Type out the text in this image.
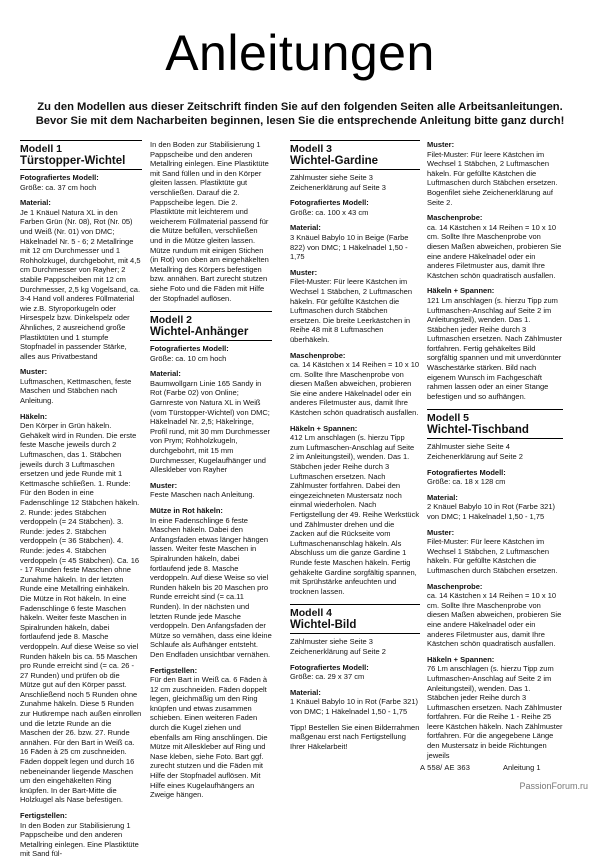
Anleitungen
Zu den Modellen aus dieser Zeitschrift finden Sie auf den folgenden Seiten alle Arbeitsanleitungen. Bevor Sie mit dem Nacharbeiten beginnen, lesen Sie die entsprechende Anleitung bitte ganz durch!
Modell 1
Türstopper-Wichtel

Fotografiertes Modell:
Größe: ca. 37 cm hoch

Material:
Je 1 Knäuel Natura XL in den Farben Grün (Nr. 08), Rot (Nr. 05) und Weiß (Nr. 01) von DMC; Häkelnadel Nr. 5 - 6; 2 Metallringe mit 12 cm Durchmesser und 1 Rohholzkugel, durchgebohrt, mit 4,5 cm Durchmesser von Rayher; 2 stabile Pappscheiben mit 12 cm Durchmesser, 2,5 kg Vogelsand, ca. 3-4 Hand voll anderes Füllmaterial wie z.B. Styroporkugeln oder Hirsespelz bzw. Dinkelspelz oder Ähnliches, 2 ausreichend große Plastiktüten und 1 stumpfe Stopfnadel in passender Stärke, alles aus Privatbestand

Muster:
Luftmaschen, Kettmaschen, feste Maschen und Stäbchen nach Anleitung.

Häkeln:
Den Körper in Grün häkeln. Gehäkelt wird in Runden. Die erste feste Masche jeweils durch 2 Luftmaschen, das 1. Stäbchen jeweils durch 3 Luftmaschen ersetzen und jede Runde mit 1 Kettmasche schließen. 1. Runde: Für den Boden in eine Fadenschlinge 12 Stäbchen häkeln. 2. Runde: jedes Stäbchen verdoppeln (= 24 Stäbchen). 3. Runde: jedes 2. Stäbchen verdoppeln (= 36 Stäbchen). 4. Runde: jedes 4. Stäbchen verdoppeln (= 45 Stäbchen). Ca. 16 - 17 Runden feste Maschen ohne Zunahme häkeln. In der letzten Runde eine Metallring einhäkeln. Die Mütze in Rot häkeln. In eine Fadenschlinge 6 feste Maschen häkeln. Weiter feste Maschen in Spiralrunden häkeln, dabei fortlaufend jede 8. Masche verdoppeln. Auf diese Weise so viel Runden häkeln bis ca. 55 Maschen pro Runde erreicht sind (= ca. 26 - 27 Runden) und prüfen ob die Mütze gut auf den Körper passt. Anschließend noch 5 Runden ohne Zunahme häkeln. Diese 5 Runden zur Hutkrempe nach außen einrollen und die letzte Runde an die Maschen der 26. bzw. 27. Runde annähen. Für den Bart in Weiß ca. 16 Fäden à 25 cm zuschneiden. Fäden doppelt legen und durch 16 nebeneinander liegende Maschen um den eingehäkelten Ring knüpfen. In der Bart-Mitte die Holzkugel als Nase befestigen.

Fertigstellen:
In den Boden zur Stabilisierung 1 Pappscheibe und den anderen Metallring einlegen. Eine Plastiktüte mit Sand fül-

In den Boden zur Stabilisierung 1 Pappscheibe und den anderen Metallring einlegen. Eine Plastiktüte mit Sand füllen und in den Körper gleiten lassen. Plastiktüte gut verschließen. Darauf die 2. Pappscheibe legen. Die 2. Plastiktüte mit leichterem und weicherem Füllmaterial passend für die Mütze befüllen, verschließen und in die Mütze gleiten lassen. Mütze rundum mit einigen Stichen (in Rot) von oben am eingehäkelten Metallring des Körpers befestigen bzw. annähen. Bart zurecht stutzen siehe Foto und die Fäden mit Hilfe der Stopfnadel auflösen.

Modell 2
Wichtel-Anhänger

Fotografiertes Modell:
Größe: ca. 10 cm hoch

Material:
Baumwollgarn Linie 165 Sandy in Rot (Farbe 02) von Online; Garnreste von Natura XL in Weiß (vom Türstopper-Wichtel) von DMC; Häkelnadel Nr. 2,5; Häkelringe, Profil rund, mit 30 mm Durchmesser von Prym; Rohholzkugeln, durchgebohrt, mit 15 mm Durchmesser, Kugelaufhänger und Alleskleber von Rayher

Muster:
Feste Maschen nach Anleitung.

Mütze in Rot häkeln:
In eine Fadenschlinge 6 feste Maschen häkeln. Dabei den Anfangsfaden etwas länger hängen lassen. Weiter feste Maschen in Spiralrunden häkeln, dabei fortlaufend jede 8. Masche verdoppeln. Auf diese Weise so viel Runden häkeln bis 20 Maschen pro Runde erreicht sind (= ca.11 Runden). In der nächsten und letzten Runde jede Masche verdoppeln. Den Anfangsfaden der Mütze so vernähen, dass eine kleine Schlaufe als Aufhänger entsteht. Den Endfaden unsichtbar vernähen.

Fertigstellen:
Für den Bart in Weiß ca. 6 Fäden à 12 cm zuschneiden. Fäden doppelt legen, gleichmäßig um den Ring knüpfen und etwas zusammen schieben. Einen weiteren Faden durch die Kugel ziehen und ebenfalls am Ring anschlingen. Die Mütze mit Alleskleber auf Ring und Nase kleben, siehe Foto. Bart ggf. zurecht stutzen und die Fäden mit Hilfe der Stopfnadel auflösen. Mit Hilfe eines Kugelaufhängers an Zweige hängen.

Modell 3
Wichtel-Gardine

Zählmuster siehe Seite 3
Zeichenerklärung auf Seite 3

Fotografiertes Modell:
Größe: ca. 100 x 43 cm

Material:
3 Knäuel Babylo 10 in Beige (Farbe 822) von DMC; 1 Häkelnadel 1,50 - 1,75

Muster:
Filet-Muster: Für leere Kästchen im Wechsel 1 Stäbchen, 2 Luftmaschen häkeln. Für gefüllte Kästchen die Luftmaschen durch Stäbchen ersetzen. Die breite Leerkästchen in Reihe 48 mit 8 Luftmaschen überhäkeln.

Maschenprobe:
ca. 14 Kästchen x 14 Reihen = 10 x 10 cm. Sollte Ihre Maschenprobe von diesen Maßen abweichen, probieren Sie eine andere Häkelnadel oder ein anderes Filetmuster aus, damit Ihre Kästchen schön quadratisch ausfallen.

Häkeln + Spannen:
412 Lm anschlagen (s. hierzu Tipp zum Luftmaschen-Anschlag auf Seite 2 im Anleitungsteil), wenden. Das 1. Stäbchen jeder Reihe durch 3 Luftmaschen ersetzen. Nach Zählmuster fortfahren. Dabei den eingezeichneten Mustersatz noch einmal wiederholen. Nach Fertigstellung der 49. Reihe Werkstück und Zählmuster drehen und die Zacken auf die Rückseite vom Luftmaschenanschlag häkeln. Als Abschluss um die ganze Gardine 1 Runde feste Maschen häkeln. Fertig gehäkelte Gardine sorgfältig spannen, mit Sprühstärke anfeuchten und trocknen lassen.

Modell 4
Wichtel-Bild

Zählmuster siehe Seite 3
Zeichenerklärung auf Seite 2

Fotografiertes Modell:
Größe: ca. 29 x 37 cm

Material:
1 Knäuel Babylo 10 in Rot (Farbe 321) von DMC; 1 Häkelnadel 1,50 - 1,75

Tipp! Bestellen Sie einen Bilderrahmen maßgenau erst nach Fertigstellung Ihrer Häkelarbeit!

Muster:
Filet-Muster: Für leere Kästchen im Wechsel 1 Stäbchen, 2 Luftmaschen häkeln. Für gefüllte Kästchen die Luftmaschen durch Stäbchen ersetzen. Bogenfilet siehe Zeichenerklärung auf Seite 2.

Maschenprobe:
ca. 14 Kästchen x 14 Reihen = 10 x 10 cm. Sollte Ihre Maschenprobe von diesen Maßen abweichen, probieren Sie eine andere Häkelnadel oder ein anderes Filetmuster aus, damit Ihre Kästchen schön quadratisch ausfallen.

Häkeln + Spannen:
121 Lm anschlagen (s. hierzu Tipp zum Luftmaschen-Anschlag auf Seite 2 im Anleitungsteil), wenden. Das 1. Stäbchen jeder Reihe durch 3 Luftmaschen ersetzen. Nach Zählmuster fortfahren. Fertig gehäkeltes Bild sorgfältig spannen und mit unverdünnter Wäschestärke stärken. Bild nach eigenem Wunsch im Fachgeschäft rahmen lassen oder an einer Stange befestigen und so aufhängen.

Modell 5
Wichtel-Tischband

Zählmuster siehe Seite 4
Zeichenerklärung auf Seite 2

Fotografiertes Modell:
Größe: ca. 18 x 128 cm

Material:
2 Knäuel Babylo 10 in Rot (Farbe 321) von DMC; 1 Häkelnadel 1,50 - 1,75

Muster:
Filet-Muster: Für leere Kästchen im Wechsel 1 Stäbchen, 2 Luftmaschen häkeln. Für gefüllte Kästchen die Luftmaschen durch Stäbchen ersetzen.

Maschenprobe:
ca. 14 Kästchen x 14 Reihen = 10 x 10 cm. Sollte Ihre Maschenprobe von diesen Maßen abweichen, probieren Sie eine andere Häkelnadel oder ein anderes Filetmuster aus, damit Ihre Kästchen schön quadratisch ausfallen.

Häkeln + Spannen:
76 Lm anschlagen (s. hierzu Tipp zum Luftmaschen-Anschlag auf Seite 2 im Anleitungsteil), wenden. Das 1. Stäbchen jeder Reihe durch 3 Luftmaschen ersetzen. Nach Zählmuster fortfahren. Für die Reihe 1 - Reihe 25 leere Kästchen häkeln. Nach Zählmuster fortfahren. Für die angegebene Länge den Mustersatz in beide Richtungen jeweils

A 558/ AE 363	Anleitung 1
PassionForum.ru
